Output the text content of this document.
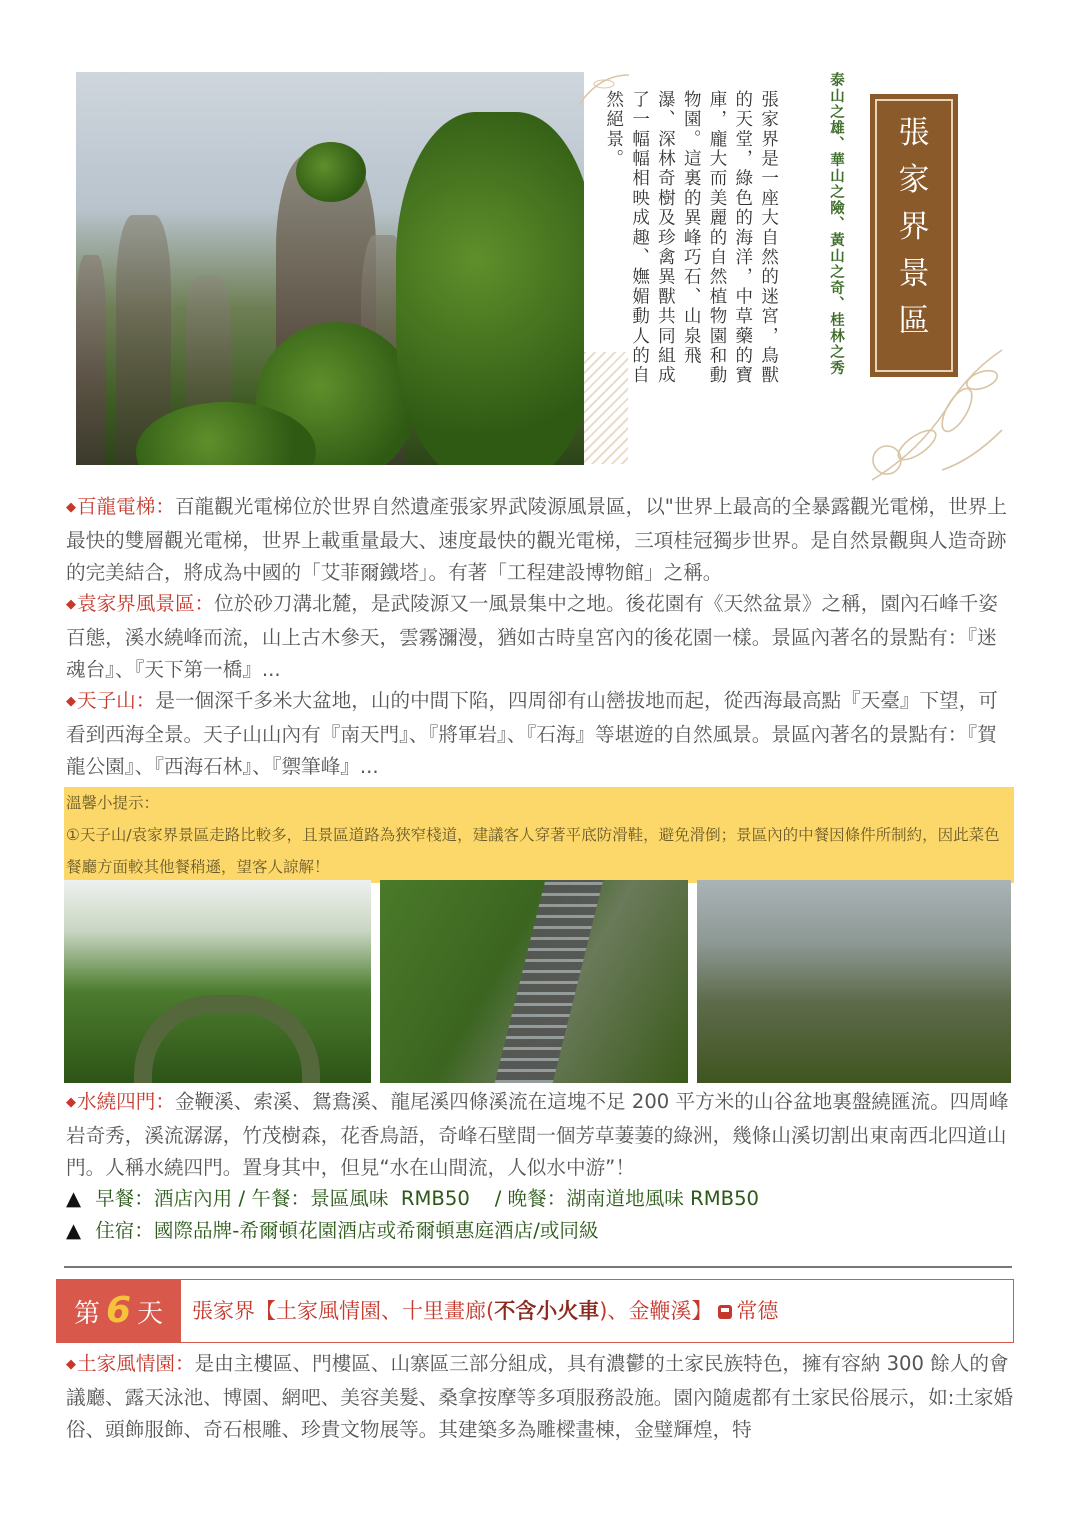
張家界是一座大自然的迷宮，鳥獸的天堂，綠色的海洋，中草藥的寶庫，龐大而美麗的自然植物園和動物園。這裏的異峰巧石、山泉飛瀑、深林奇樹及珍禽異獸共同組成了一幅幅相映成趣、嫵媚動人的自然絕景。	泰山之雄、華山之險、黃山之奇、桂林之秀	張
家
界
景
區

◆百龍電梯：百龍觀光電梯位於世界自然遺產張家界武陵源風景區，以"世界上最高的全暴露觀光電梯，世界上最快的雙層觀光電梯，世界上載重量最大、速度最快的觀光電梯，三項桂冠獨步世界。是自然景觀與人造奇跡的完美結合，將成為中國的「艾菲爾鐵塔」。有著「工程建設博物館」之稱。

◆袁家界風景區：位於砂刀溝北麓，是武陵源又一風景集中之地。後花園有《天然盆景》之稱，園內石峰千姿百態，溪水繞峰而流，山上古木參天，雲霧瀰漫，猶如古時皇宮內的後花園一樣。景區內著名的景點有：『迷魂台』、『天下第一橋』...

◆天子山：是一個深千多米大盆地，山的中間下陷，四周卻有山巒拔地而起，從西海最高點『天臺』下望，可看到西海全景。天子山山內有『南天門』、『將軍岩』、『石海』等堪遊的自然風景。景區內著名的景點有：『賀龍公園』、『西海石林』、『禦筆峰』...

溫馨小提示：
①天子山/袁家界景區走路比較多，且景區道路為狹窄棧道，建議客人穿著平底防滑鞋，避免滑倒；景區內的中餐因條件所制約，因此菜色餐廳方面較其他餐稍遜，望客人諒解！

◆水繞四門：金鞭溪、索溪、鴛鴦溪、龍尾溪四條溪流在這塊不足 200 平方米的山谷盆地裏盤繞匯流。四周峰岩奇秀，溪流潺潺，竹茂樹森，花香鳥語，奇峰石壁間一個芳草萋萋的綠洲，幾條山溪切割出東南西北四道山門。人稱水繞四門。置身其中，但見“水在山間流，人似水中游”！

▲ 早餐：酒店內用 / 午餐：景區風味  RMB50    / 晚餐：湖南道地風味 RMB50
▲ 住宿：國際品牌-希爾頓花園酒店或希爾頓惠庭酒店/或同級
第 6 天	張家界【土家風情園、十里畫廊(不含小火車)、金鞭溪】 常德

◆土家風情園：是由主樓區、門樓區、山寨區三部分組成，具有濃鬱的土家民族特色，擁有容納 300 餘人的會議廳、露天泳池、博園、網吧、美容美髮、桑拿按摩等多項服務設施。園內隨處都有土家民俗展示，如:土家婚俗、頭飾服飾、奇石根雕、珍貴文物展等。其建築多為雕樑畫棟，金璧輝煌，特
